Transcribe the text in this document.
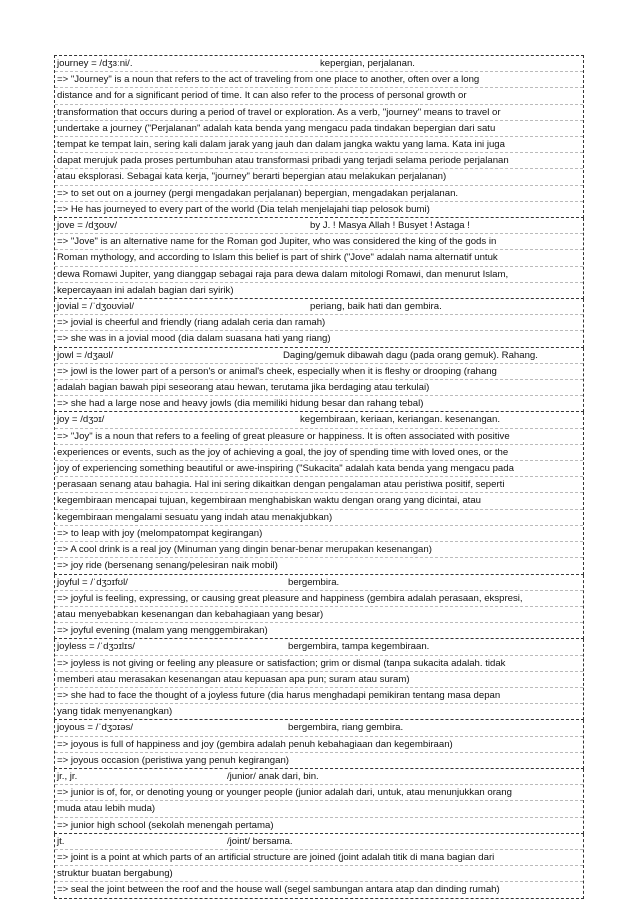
journey = /dʒɜːni/.	kepergian, perjalanan.
=> "Journey" is a noun that refers to the act of traveling from one place to another, often over a long
distance and for a significant period of time. It can also refer to the process of personal growth or
transformation that occurs during a period of travel or exploration. As a verb, "journey" means to travel or
undertake a journey ("Perjalanan" adalah kata benda yang mengacu pada tindakan bepergian dari satu
tempat ke tempat lain, sering kali dalam jarak yang jauh dan dalam jangka waktu yang lama. Kata ini juga
dapat merujuk pada proses pertumbuhan atau transformasi pribadi yang terjadi selama periode perjalanan
atau eksplorasi. Sebagai kata kerja, "journey" berarti bepergian atau melakukan perjalanan)
=> to set out on a journey (pergi mengadakan perjalanan) bepergian, mengadakan perjalanan.
=> He has journeyed to every part of the world (Dia telah menjelajahi tiap pelosok bumi)
jove = /dʒoʊv/	by J. ! Masya Allah ! Busyet ! Astaga !
=> "Jove" is an alternative name for the Roman god Jupiter, who was considered the king of the gods in
Roman mythology, and according to Islam this belief is part of shirk ("Jove" adalah nama alternatif untuk
dewa Romawi Jupiter, yang dianggap sebagai raja para dewa dalam mitologi Romawi, dan menurut Islam,
kepercayaan ini adalah bagian dari syirik)
jovial = /ˈdʒoʊviəl/	periang, baik hati dan gembira.
=> jovial is cheerful and friendly (riang adalah ceria dan ramah)
=> she was in a jovial mood (dia dalam suasana hati yang riang)
jowl = /dʒaʊl/	Daging/gemuk dibawah dagu (pada orang gemuk). Rahang.
=> jowl is the lower part of a person's or animal's cheek, especially when it is fleshy or drooping (rahang
adalah bagian bawah pipi seseorang atau hewan, terutama jika berdaging atau terkulai)
=> she had a large nose and heavy jowls (dia memiliki hidung besar dan rahang tebal)
joy = /dʒɔɪ/	kegembiraan, keriaan, keriangan. kesenangan.
=> "Joy" is a noun that refers to a feeling of great pleasure or happiness. It is often associated with positive
experiences or events, such as the joy of achieving a goal, the joy of spending time with loved ones, or the
joy of experiencing something beautiful or awe-inspiring ("Sukacita" adalah kata benda yang mengacu pada
perasaan senang atau bahagia. Hal ini sering dikaitkan dengan pengalaman atau peristiwa positif, seperti
kegembiraan mencapai tujuan, kegembiraan menghabiskan waktu dengan orang yang dicintai, atau
kegembiraan mengalami sesuatu yang indah atau menakjubkan)
=> to leap with joy (melompatompat kegirangan)
=> A cool drink is a real joy (Minuman yang dingin benar-benar merupakan kesenangan)
=> joy ride (bersenang senang/pelesiran naik mobil)
joyful = /ˈdʒɔɪfʊl/	bergembira.
=> joyful is feeling, expressing, or causing great pleasure and happiness (gembira adalah perasaan, ekspresi,
atau menyebabkan kesenangan dan kebahagiaan yang besar)
=> joyful evening (malam yang menggembirakan)
joyless = /ˈdʒɔɪlɪs/	bergembira, tampa kegembiraan.
=> joyless is not giving or feeling any pleasure or satisfaction; grim or dismal (tanpa sukacita adalah. tidak
memberi atau merasakan kesenangan atau kepuasan apa pun; suram atau suram)
=> she had to face the thought of a joyless future (dia harus menghadapi pemikiran tentang masa depan
yang tidak menyenangkan)
joyous = /ˈdʒɔɪəs/	bergembira, riang gembira.
=> joyous is full of happiness and joy (gembira adalah penuh kebahagiaan dan kegembiraan)
=> joyous occasion (peristiwa yang penuh kegirangan)
jr., jr.	/junior/ anak dari, bin.
=> junior is of, for, or denoting young or younger people (junior adalah dari, untuk, atau menunjukkan orang
muda atau lebih muda)
=> junior high school (sekolah menengah pertama)
jt.	/joint/ bersama.
=> joint is a point at which parts of an artificial structure are joined (joint adalah titik di mana bagian dari
struktur buatan bergabung)
=> seal the joint between the roof and the house wall (segel sambungan antara atap dan dinding rumah)
